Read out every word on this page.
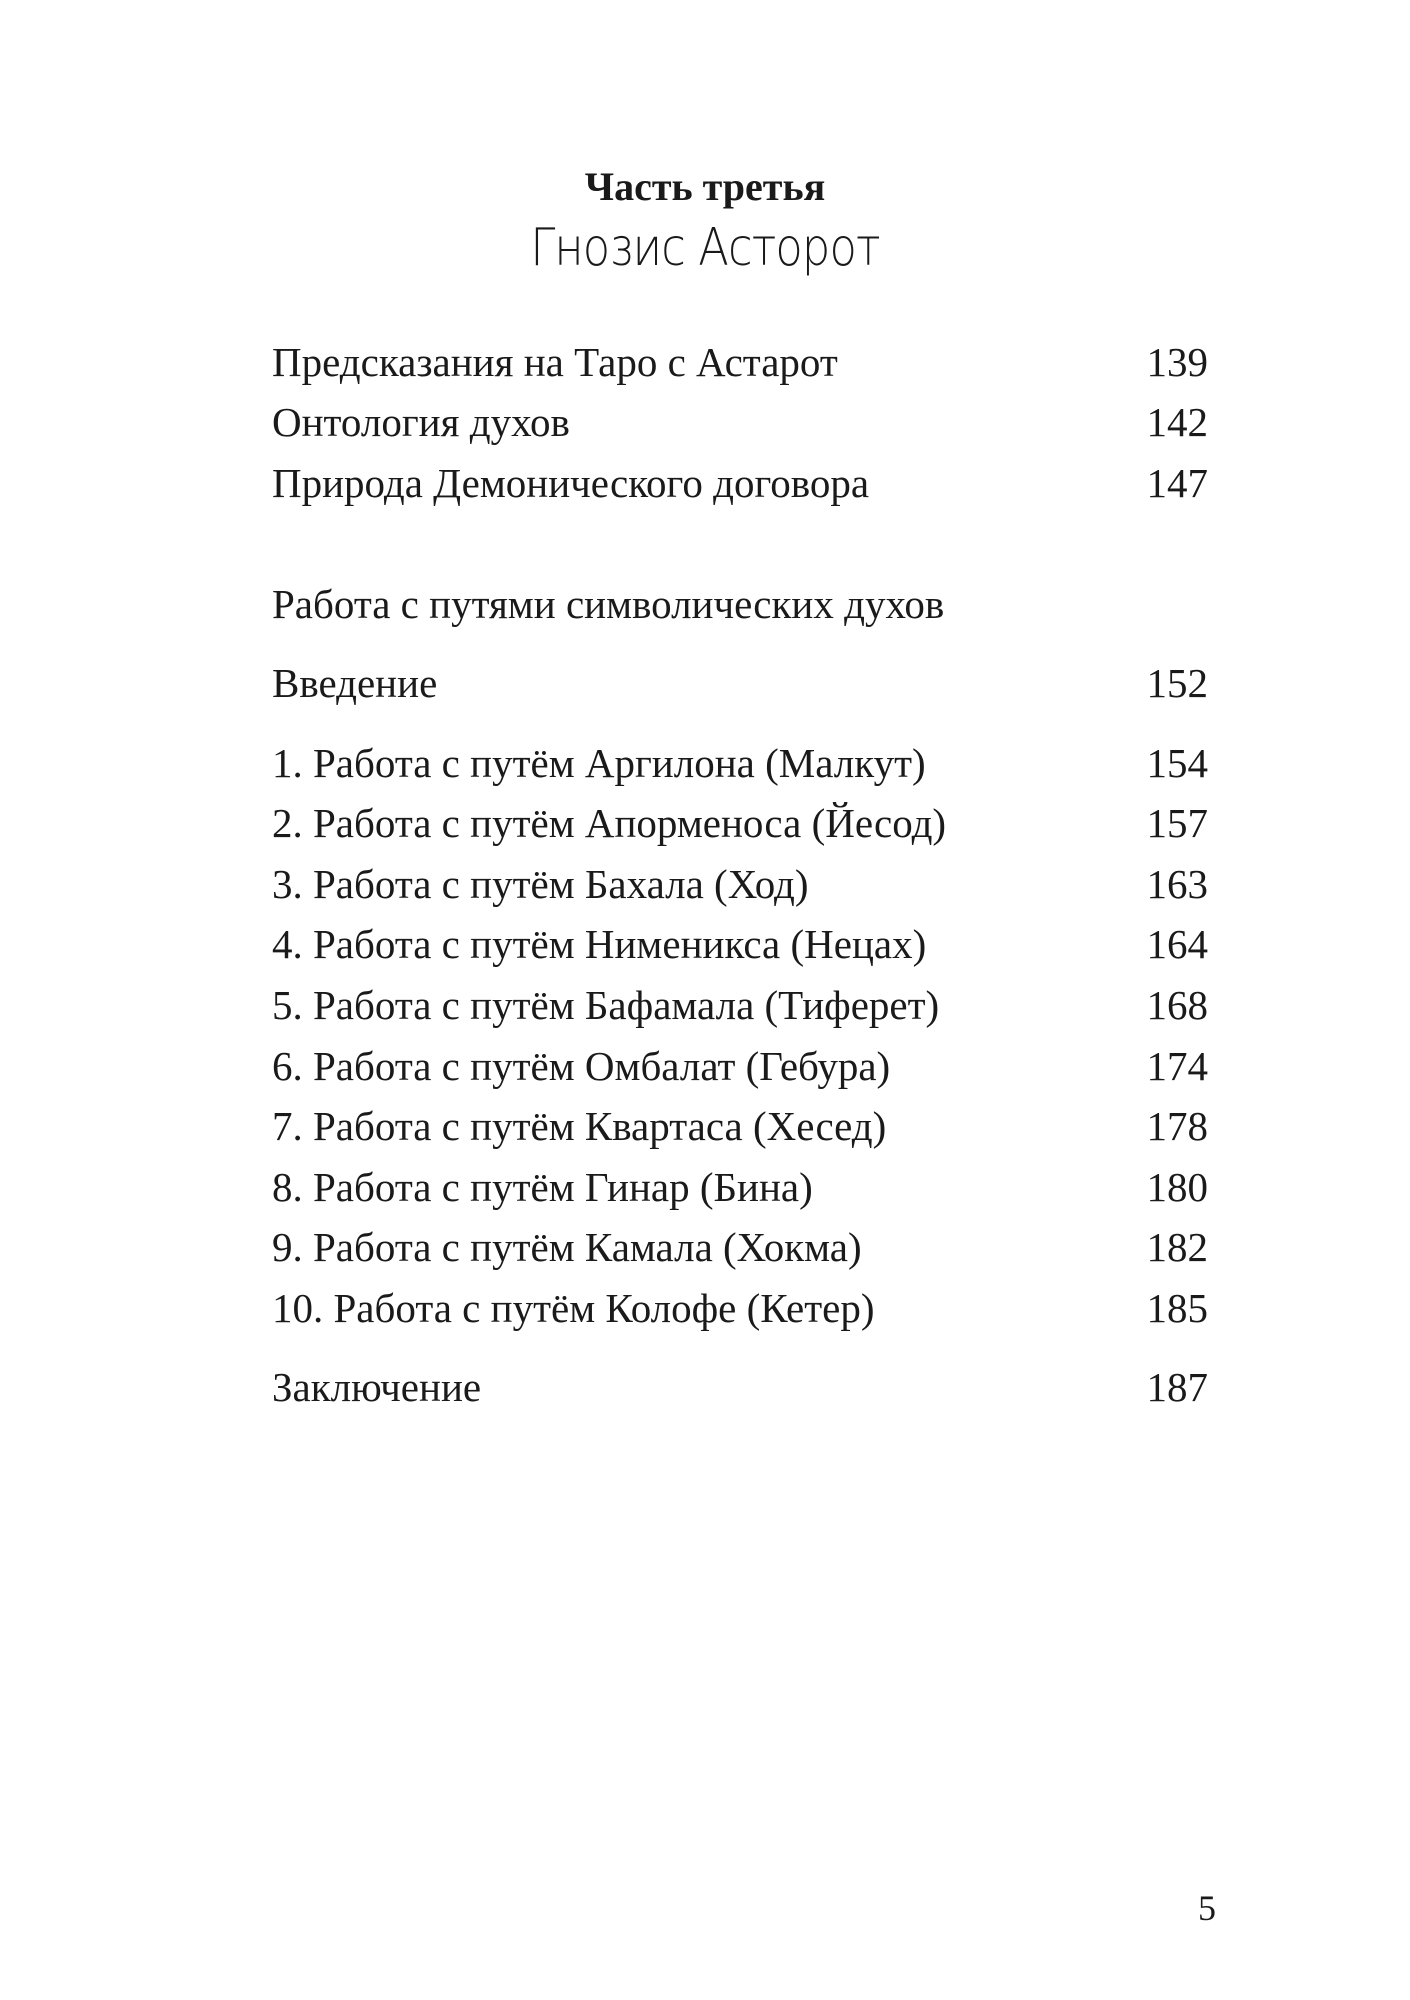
Часть третья
Гнозис Асторот
Предсказания на Таро с Астарот	139
Онтология духов	142
Природа Демонического договора	147
Работа с путями символических духов
Введение	152
1. Работа с путём Аргилона (Малкут)	154
2. Работа с путём Апорменоса (Йесод)	157
3. Работа с путём Бахала (Ход)	163
4. Работа с путём Нименикса (Нецах)	164
5. Работа с путём Бафамала (Тиферет)	168
6. Работа с путём Омбалат (Гебура)	174
7. Работа с путём Квартаса (Хесед)	178
8. Работа с путём Гинар (Бина)	180
9. Работа с путём Камала (Хокма)	182
10. Работа с путём Колофе (Кетер)	185
Заключение	187
5
